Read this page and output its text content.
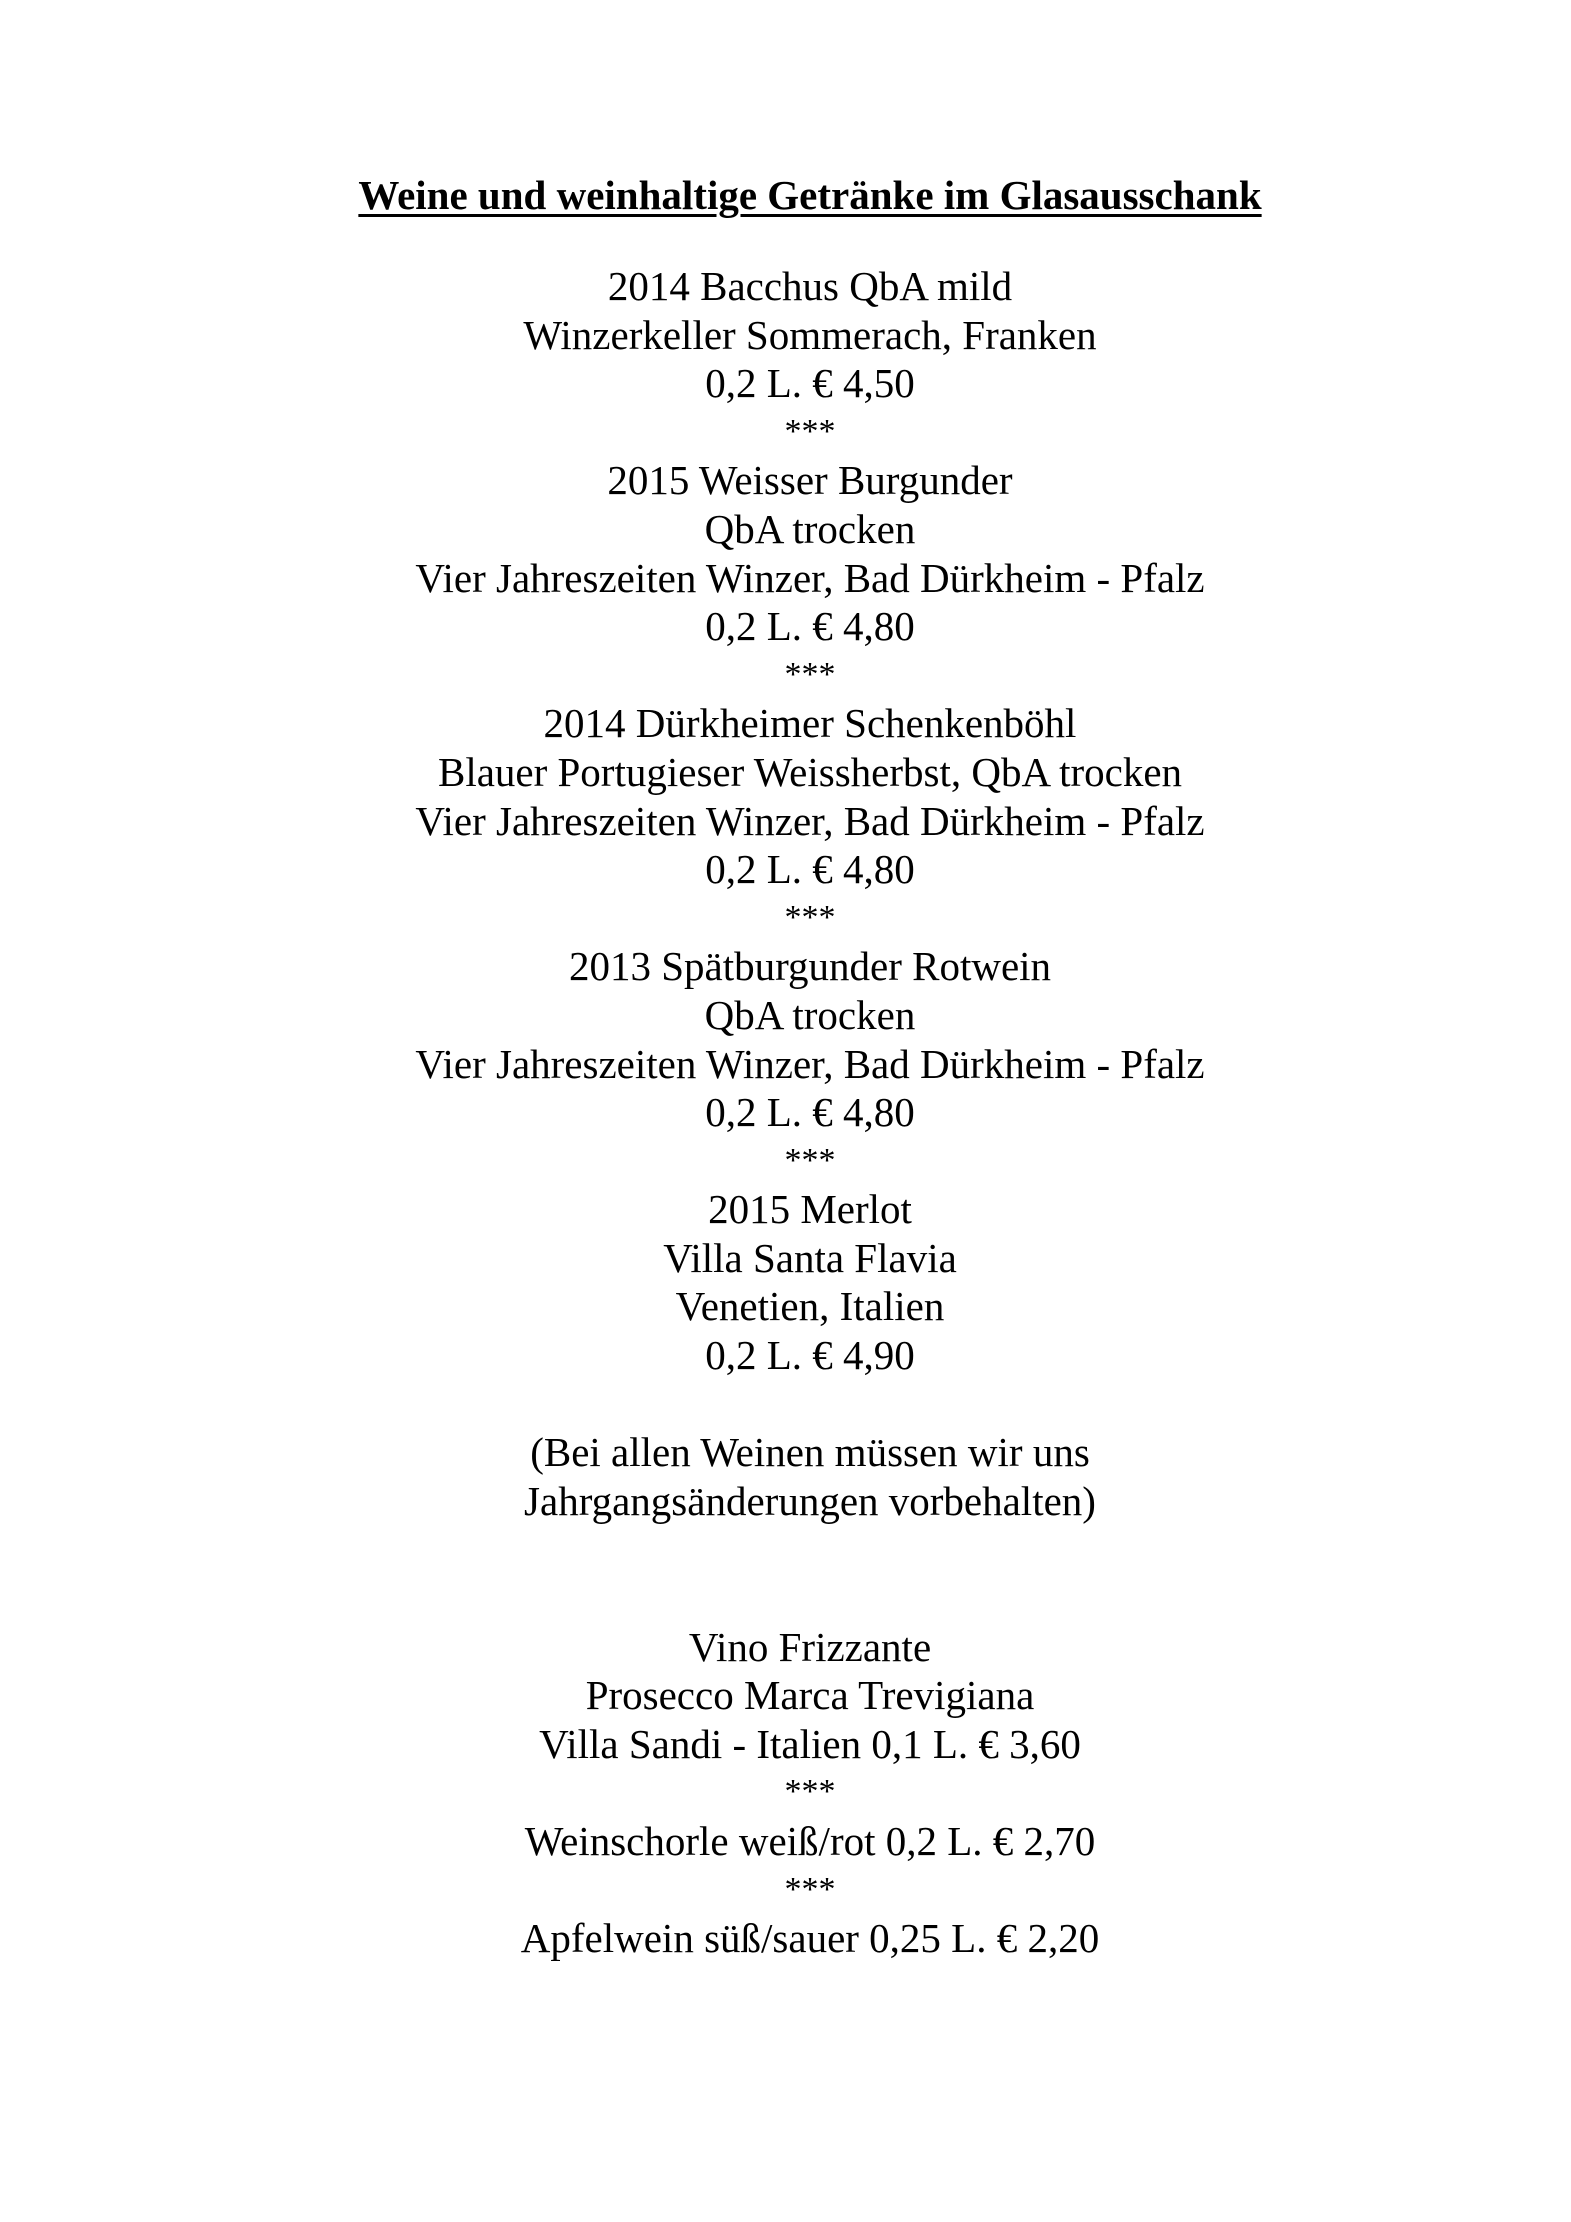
Weine und weinhaltige Getränke im Glasausschank
2014 Bacchus QbA mild
Winzerkeller Sommerach, Franken
0,2 L. € 4,50
***
2015 Weisser Burgunder
QbA trocken
Vier Jahreszeiten Winzer, Bad Dürkheim - Pfalz
0,2 L. € 4,80
***
2014 Dürkheimer Schenkenböhl
Blauer Portugieser Weissherbst, QbA trocken
Vier Jahreszeiten Winzer, Bad Dürkheim - Pfalz
0,2 L. € 4,80
***
2013 Spätburgunder Rotwein
QbA trocken
Vier Jahreszeiten Winzer, Bad Dürkheim - Pfalz
0,2 L. € 4,80
***
2015 Merlot
Villa Santa Flavia
Venetien, Italien
0,2 L. € 4,90
(Bei allen Weinen müssen wir uns
Jahrgangsänderungen vorbehalten)
Vino Frizzante
Prosecco Marca Trevigiana
Villa Sandi - Italien 0,1 L. € 3,60
***
Weinschorle weiß/rot 0,2 L. € 2,70
***
Apfelwein süß/sauer 0,25 L. € 2,20
